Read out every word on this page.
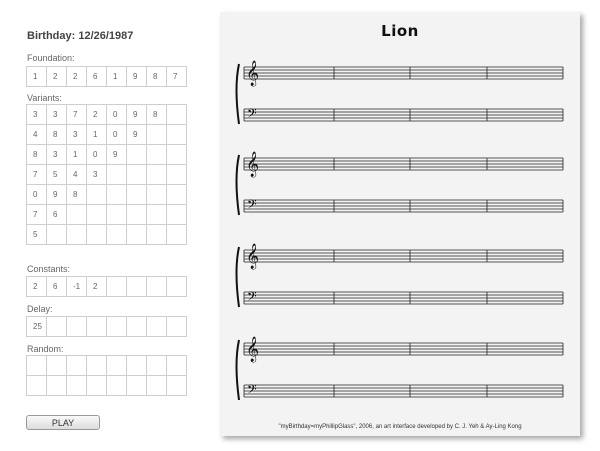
Birthday: 12/26/1987
Foundation:
1	2	2	6	1	9	8	7
Variants:
3	3	7	2	0	9	8	
4	8	3	1	0	9		
8	3	1	0	9			
7	5	4	3				
0	9	8					
7	6						
5							
Constants:
2	6	-1	2				
Delay:
25							
Random:

PLAY
Lion
𝄞
𝄢
𝄞
𝄢
𝄞
𝄢
𝄞
𝄢
"myBirthday=myPhillipGlass", 2006, an art interface developed by C. J. Yeh & Ay-Ling Kong
